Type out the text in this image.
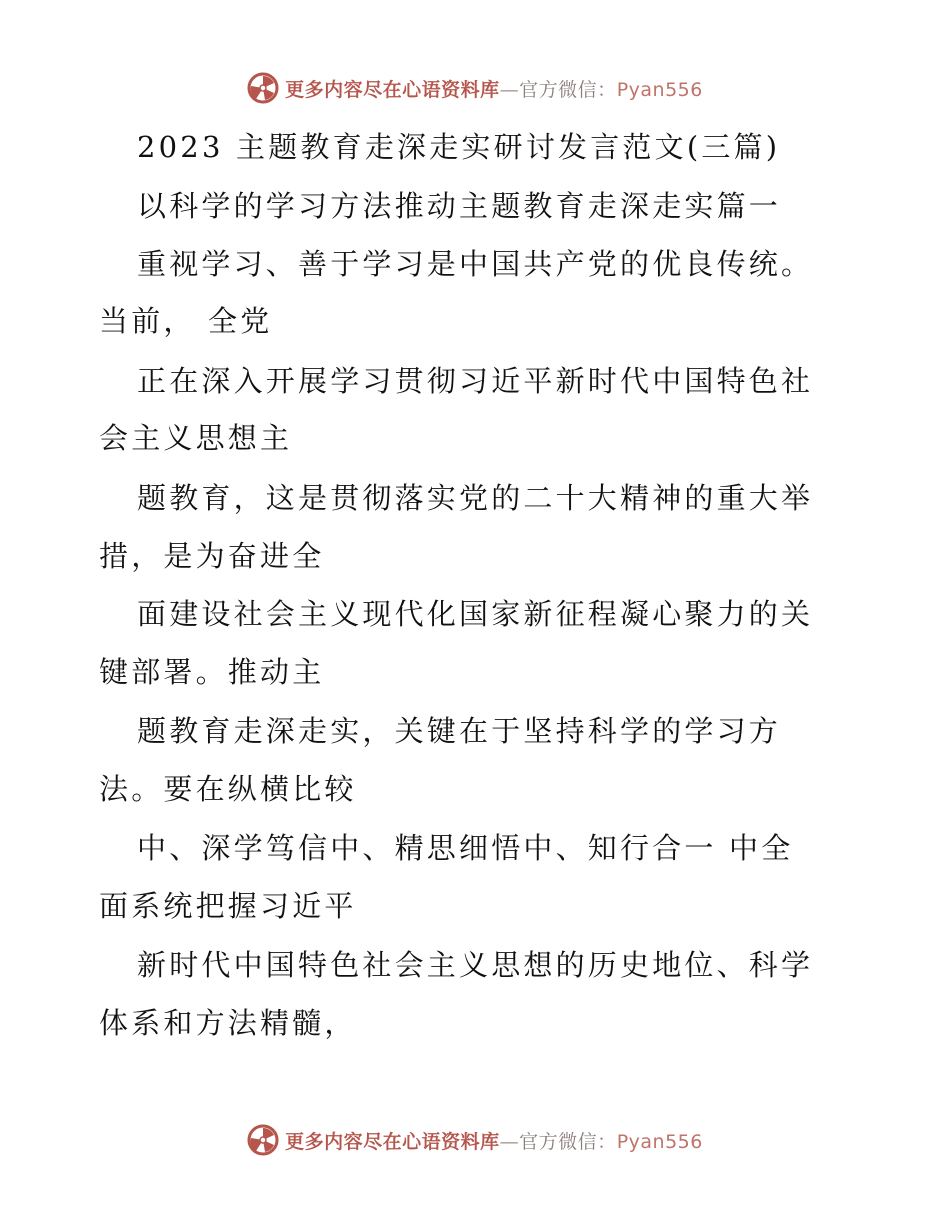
更多内容尽在心语资料库—官方微信：Pyan556
2023 主题教育走深走实研讨发言范文(三篇)
以科学的学习方法推动主题教育走深走实篇一
重视学习、善于学习是中国共产党的优良传统。
当前， 全党
正在深入开展学习贯彻习近平新时代中国特色社
会主义思想主
题教育，这是贯彻落实党的二十大精神的重大举
措，是为奋进全
面建设社会主义现代化国家新征程凝心聚力的关
键部署。推动主
题教育走深走实，关键在于坚持科学的学习方
法。要在纵横比较
中、深学笃信中、精思细悟中、知行合一 中全
面系统把握习近平
新时代中国特色社会主义思想的历史地位、科学
体系和方法精髓，
更多内容尽在心语资料库—官方微信：Pyan556
